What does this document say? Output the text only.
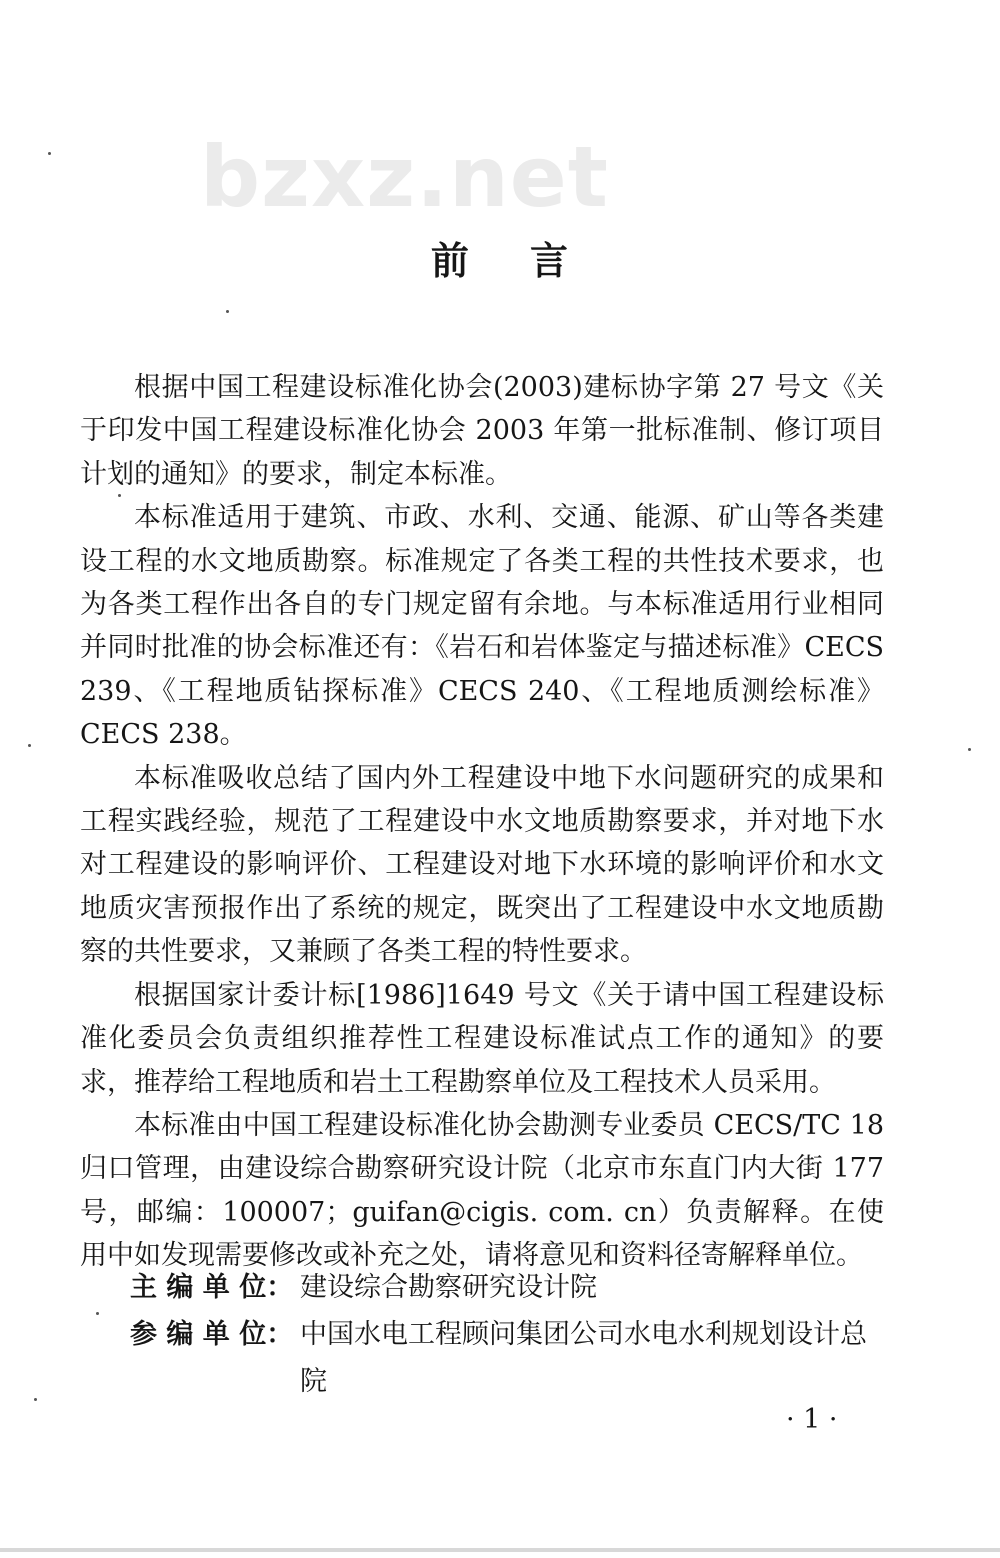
bzxz.net
前 言

根据中国工程建设标准化协会(2003)建标协字第 27 号文《关于印发中国工程建设标准化协会 2003 年第一批标准制、修订项目计划的通知》的要求，制定本标准。

本标准适用于建筑、市政、水利、交通、能源、矿山等各类建设工程的水文地质勘察。标准规定了各类工程的共性技术要求，也为各类工程作出各自的专门规定留有余地。与本标准适用行业相同并同时批准的协会标准还有：《岩石和岩体鉴定与描述标准》CECS 239、《工程地质钻探标准》CECS 240、《工程地质测绘标准》CECS 238。

本标准吸收总结了国内外工程建设中地下水问题研究的成果和工程实践经验，规范了工程建设中水文地质勘察要求，并对地下水对工程建设的影响评价、工程建设对地下水环境的影响评价和水文地质灾害预报作出了系统的规定，既突出了工程建设中水文地质勘察的共性要求，又兼顾了各类工程的特性要求。

根据国家计委计标[1986]1649 号文《关于请中国工程建设标准化委员会负责组织推荐性工程建设标准试点工作的通知》的要求，推荐给工程地质和岩土工程勘察单位及工程技术人员采用。

本标准由中国工程建设标准化协会勘测专业委员 CECS/TC 18 归口管理，由建设综合勘察研究设计院（北京市东直门内大街 177 号，邮编：100007；guifan@cigis. com. cn）负责解释。在使用中如发现需要修改或补充之处，请将意见和资料径寄解释单位。

主 编 单 位： 建设综合勘察研究设计院
参 编 单 位： 中国水电工程顾问集团公司水电水利规划设计总院
· 1 ·
